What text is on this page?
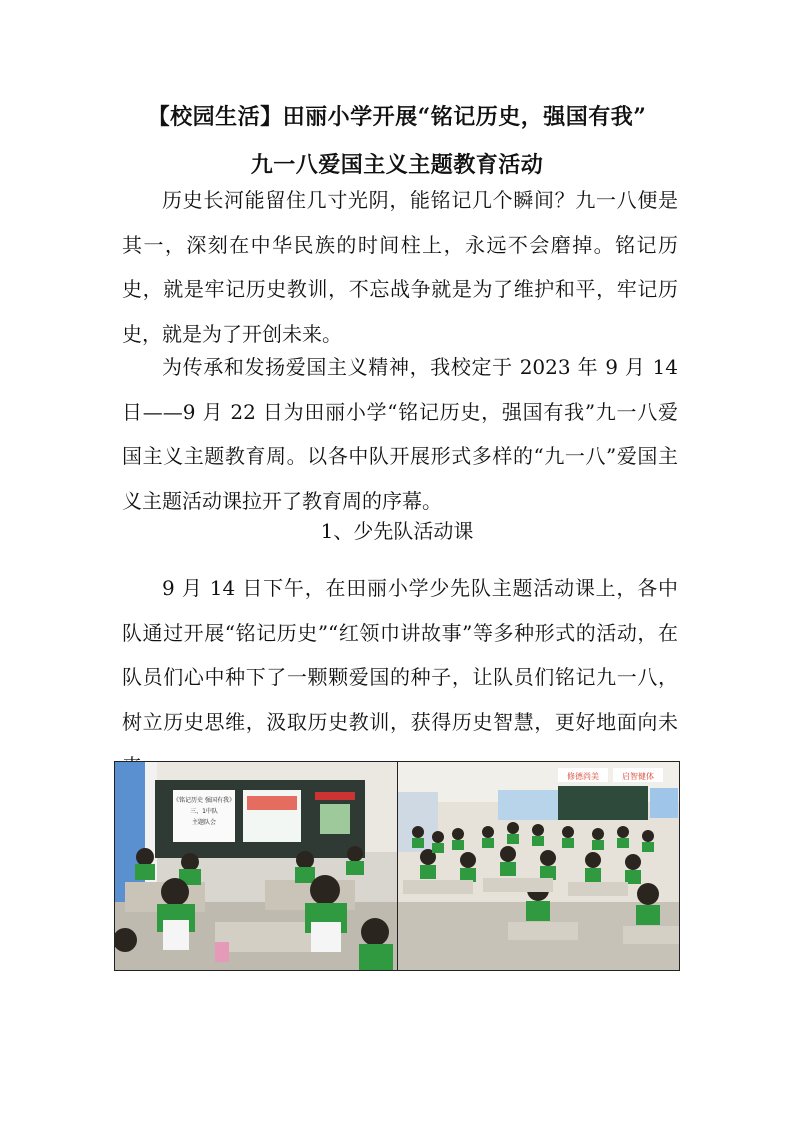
【校园生活】田丽小学开展“铭记历史，强国有我”
九一八爱国主义主题教育活动

历史长河能留住几寸光阴，能铭记几个瞬间？九一八便是其一，深刻在中华民族的时间柱上，永远不会磨掉。铭记历史，就是牢记历史教训，不忘战争就是为了维护和平，牢记历史，就是为了开创未来。

为传承和发扬爱国主义精神，我校定于 2023 年 9 月 14 日——9 月 22 日为田丽小学“铭记历史，强国有我”九一八爱国主义主题教育周。以各中队开展形式多样的“九一八”爱国主义主题活动课拉开了教育周的序幕。

1、少先队活动课

9 月 14 日下午，在田丽小学少先队主题活动课上，各中队通过开展“铭记历史”“红领巾讲故事”等多种形式的活动，在队员们心中种下了一颗颗爱国的种子，让队员们铭记九一八，树立历史思维，汲取历史教训，获得历史智慧，更好地面向未

《铭记历史 强国有我》
三、1中队
主题队会
修德尚美	启智健体
